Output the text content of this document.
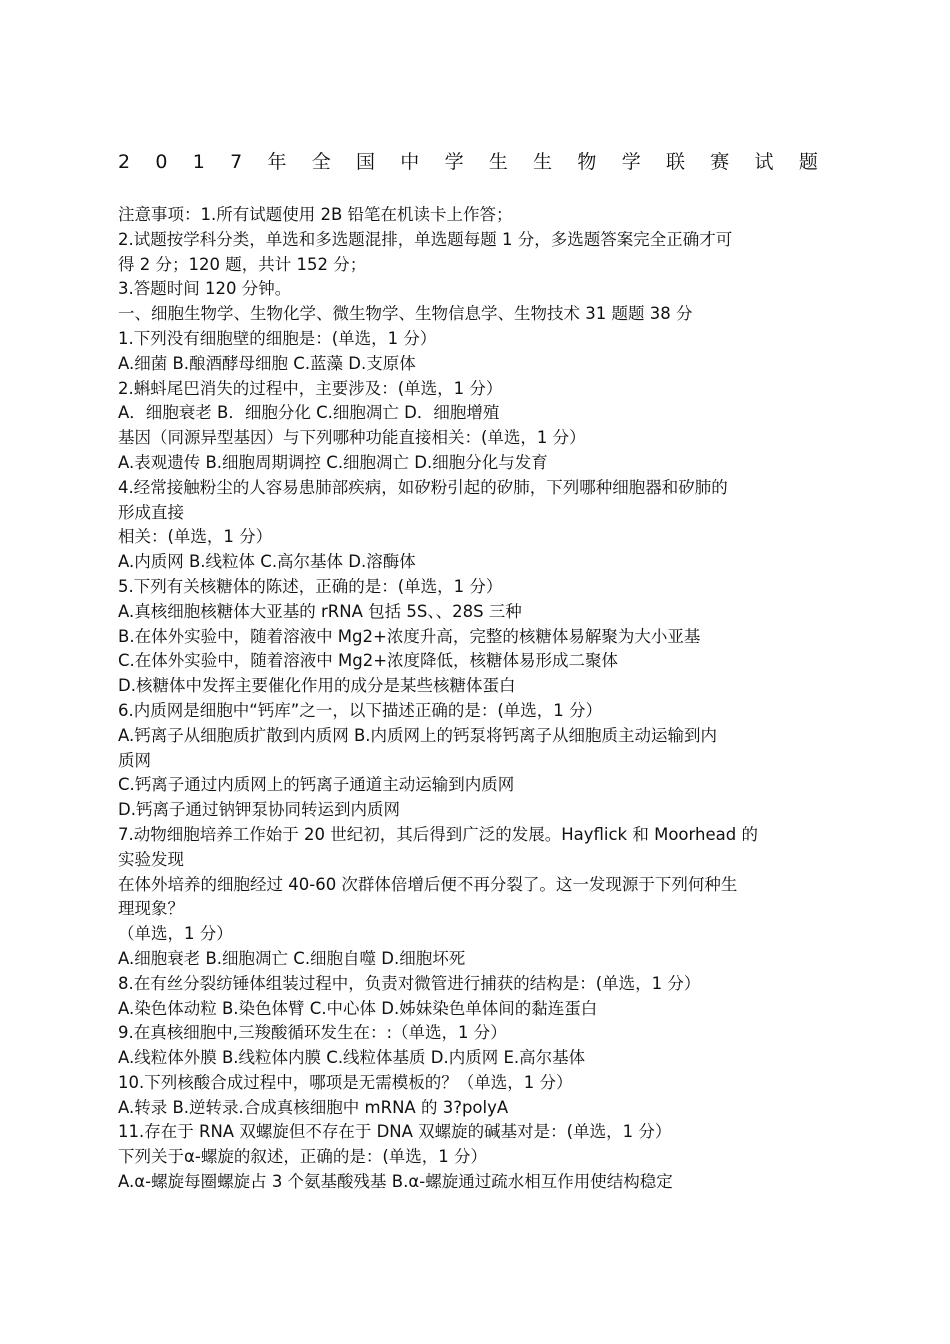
2 0 1 7 年 全 国 中 学 生 生 物 学 联 赛 试 题
注意事项：1.所有试题使用 2B 铅笔在机读卡上作答；
2.试题按学科分类，单选和多选题混排，单选题每题 1 分，多选题答案完全正确才可
得 2 分；120 题，共计 152 分；
3.答题时间 120 分钟。
一、细胞生物学、生物化学、微生物学、生物信息学、生物技术 31 题题 38 分
1.下列没有细胞壁的细胞是：(单选，1 分）
A.细菌 B.酿酒酵母细胞 C.蓝藻 D.支原体
2.蝌蚪尾巴消失的过程中，主要涉及：(单选，1 分）
A．细胞衰老 B．细胞分化 C.细胞凋亡 D．细胞增殖
基因（同源异型基因）与下列哪种功能直接相关：(单选，1 分）
A.表观遗传 B.细胞周期调控 C.细胞凋亡 D.细胞分化与发育
4.经常接触粉尘的人容易患肺部疾病，如矽粉引起的矽肺，下列哪种细胞器和矽肺的
形成直接
相关：(单选，1 分）
A.内质网 B.线粒体 C.高尔基体 D.溶酶体
5.下列有关核糖体的陈述，正确的是：(单选，1 分）
A.真核细胞核糖体大亚基的 rRNA 包括 5S、、28S 三种
B.在体外实验中，随着溶液中 Mg2+浓度升高，完整的核糖体易解聚为大小亚基
C.在体外实验中，随着溶液中 Mg2+浓度降低，核糖体易形成二聚体
D.核糖体中发挥主要催化作用的成分是某些核糖体蛋白
6.内质网是细胞中“钙库”之一，以下描述正确的是：(单选，1 分）
A.钙离子从细胞质扩散到内质网 B.内质网上的钙泵将钙离子从细胞质主动运输到内
质网
C.钙离子通过内质网上的钙离子通道主动运输到内质网
D.钙离子通过钠钾泵协同转运到内质网
7.动物细胞培养工作始于 20 世纪初，其后得到广泛的发展。Hayflick 和 Moorhead 的
实验发现
在体外培养的细胞经过 40-60 次群体倍增后便不再分裂了。这一发现源于下列何种生
理现象？
（单选，1 分）
A.细胞衰老 B.细胞凋亡 C.细胞自噬 D.细胞坏死
8.在有丝分裂纺锤体组装过程中，负责对微管进行捕获的结构是：(单选，1 分）
A.染色体动粒 B.染色体臂 C.中心体 D.姊妹染色单体间的黏连蛋白
9.在真核细胞中,三羧酸循环发生在：:（单选，1 分）
A.线粒体外膜 B.线粒体内膜 C.线粒体基质 D.内质网 E.高尔基体
10.下列核酸合成过程中，哪项是无需模板的？（单选，1 分）
A.转录 B.逆转录.合成真核细胞中 mRNA 的 3?polyA
11.存在于 RNA 双螺旋但不存在于 DNA 双螺旋的碱基对是：(单选，1 分）
下列关于α-螺旋的叙述，正确的是：(单选，1 分）
A.α-螺旋每圈螺旋占 3 个氨基酸残基 B.α-螺旋通过疏水相互作用使结构稳定
